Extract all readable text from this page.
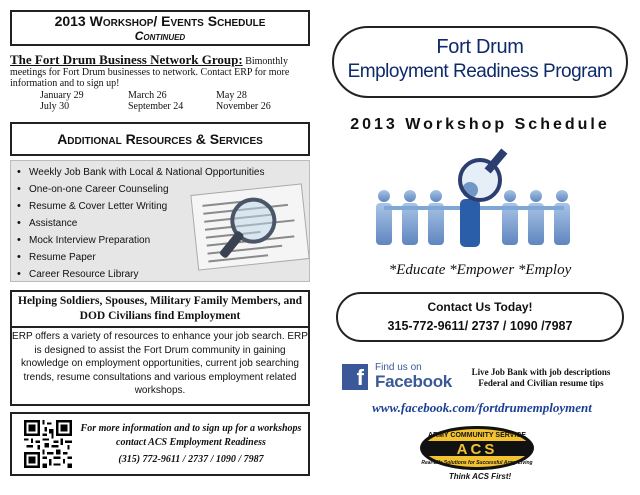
2013 Workshop/ Events Schedule
Continued
The Fort Drum Business Network Group: Bimonthly meetings for Fort Drum businesses to network. Contact ERP for more information and to sign up!
January 29	March 26	May 28
July 30	September 24	November 26
Additional Resources & Services
• Weekly Job Bank with Local & National Opportunities
• One-on-one Career Counseling
• Resume & Cover Letter Writing
• Assistance
• Mock Interview Preparation
• Resume Paper
• Career Resource Library
Helping Soldiers, Spouses, Military Family Members, and DOD Civilians find Employment
ERP offers a variety of resources to enhance your job search. ERP is designed to assist the Fort Drum community in gaining knowledge on employment opportunities, current job searching trends, resume consultations and various employment related workshops.
For more information and to sign up for a workshops contact ACS Employment Readiness
(315) 772-9611 / 2737 / 1090 / 7987
Fort Drum
Employment Readiness Program
2013 Workshop Schedule
*Educate *Empower *Employ
Contact Us Today!
315-772-9611/ 2737 / 1090 /7987
f	Find us on
Facebook	Live Job Bank with job descriptions
Federal and Civilian resume tips
www.facebook.com/fortdrumemployment
ARMY COMMUNITY SERVICE
ACS
Real-Life Solutions for Successful Army Living
Think ACS First!
